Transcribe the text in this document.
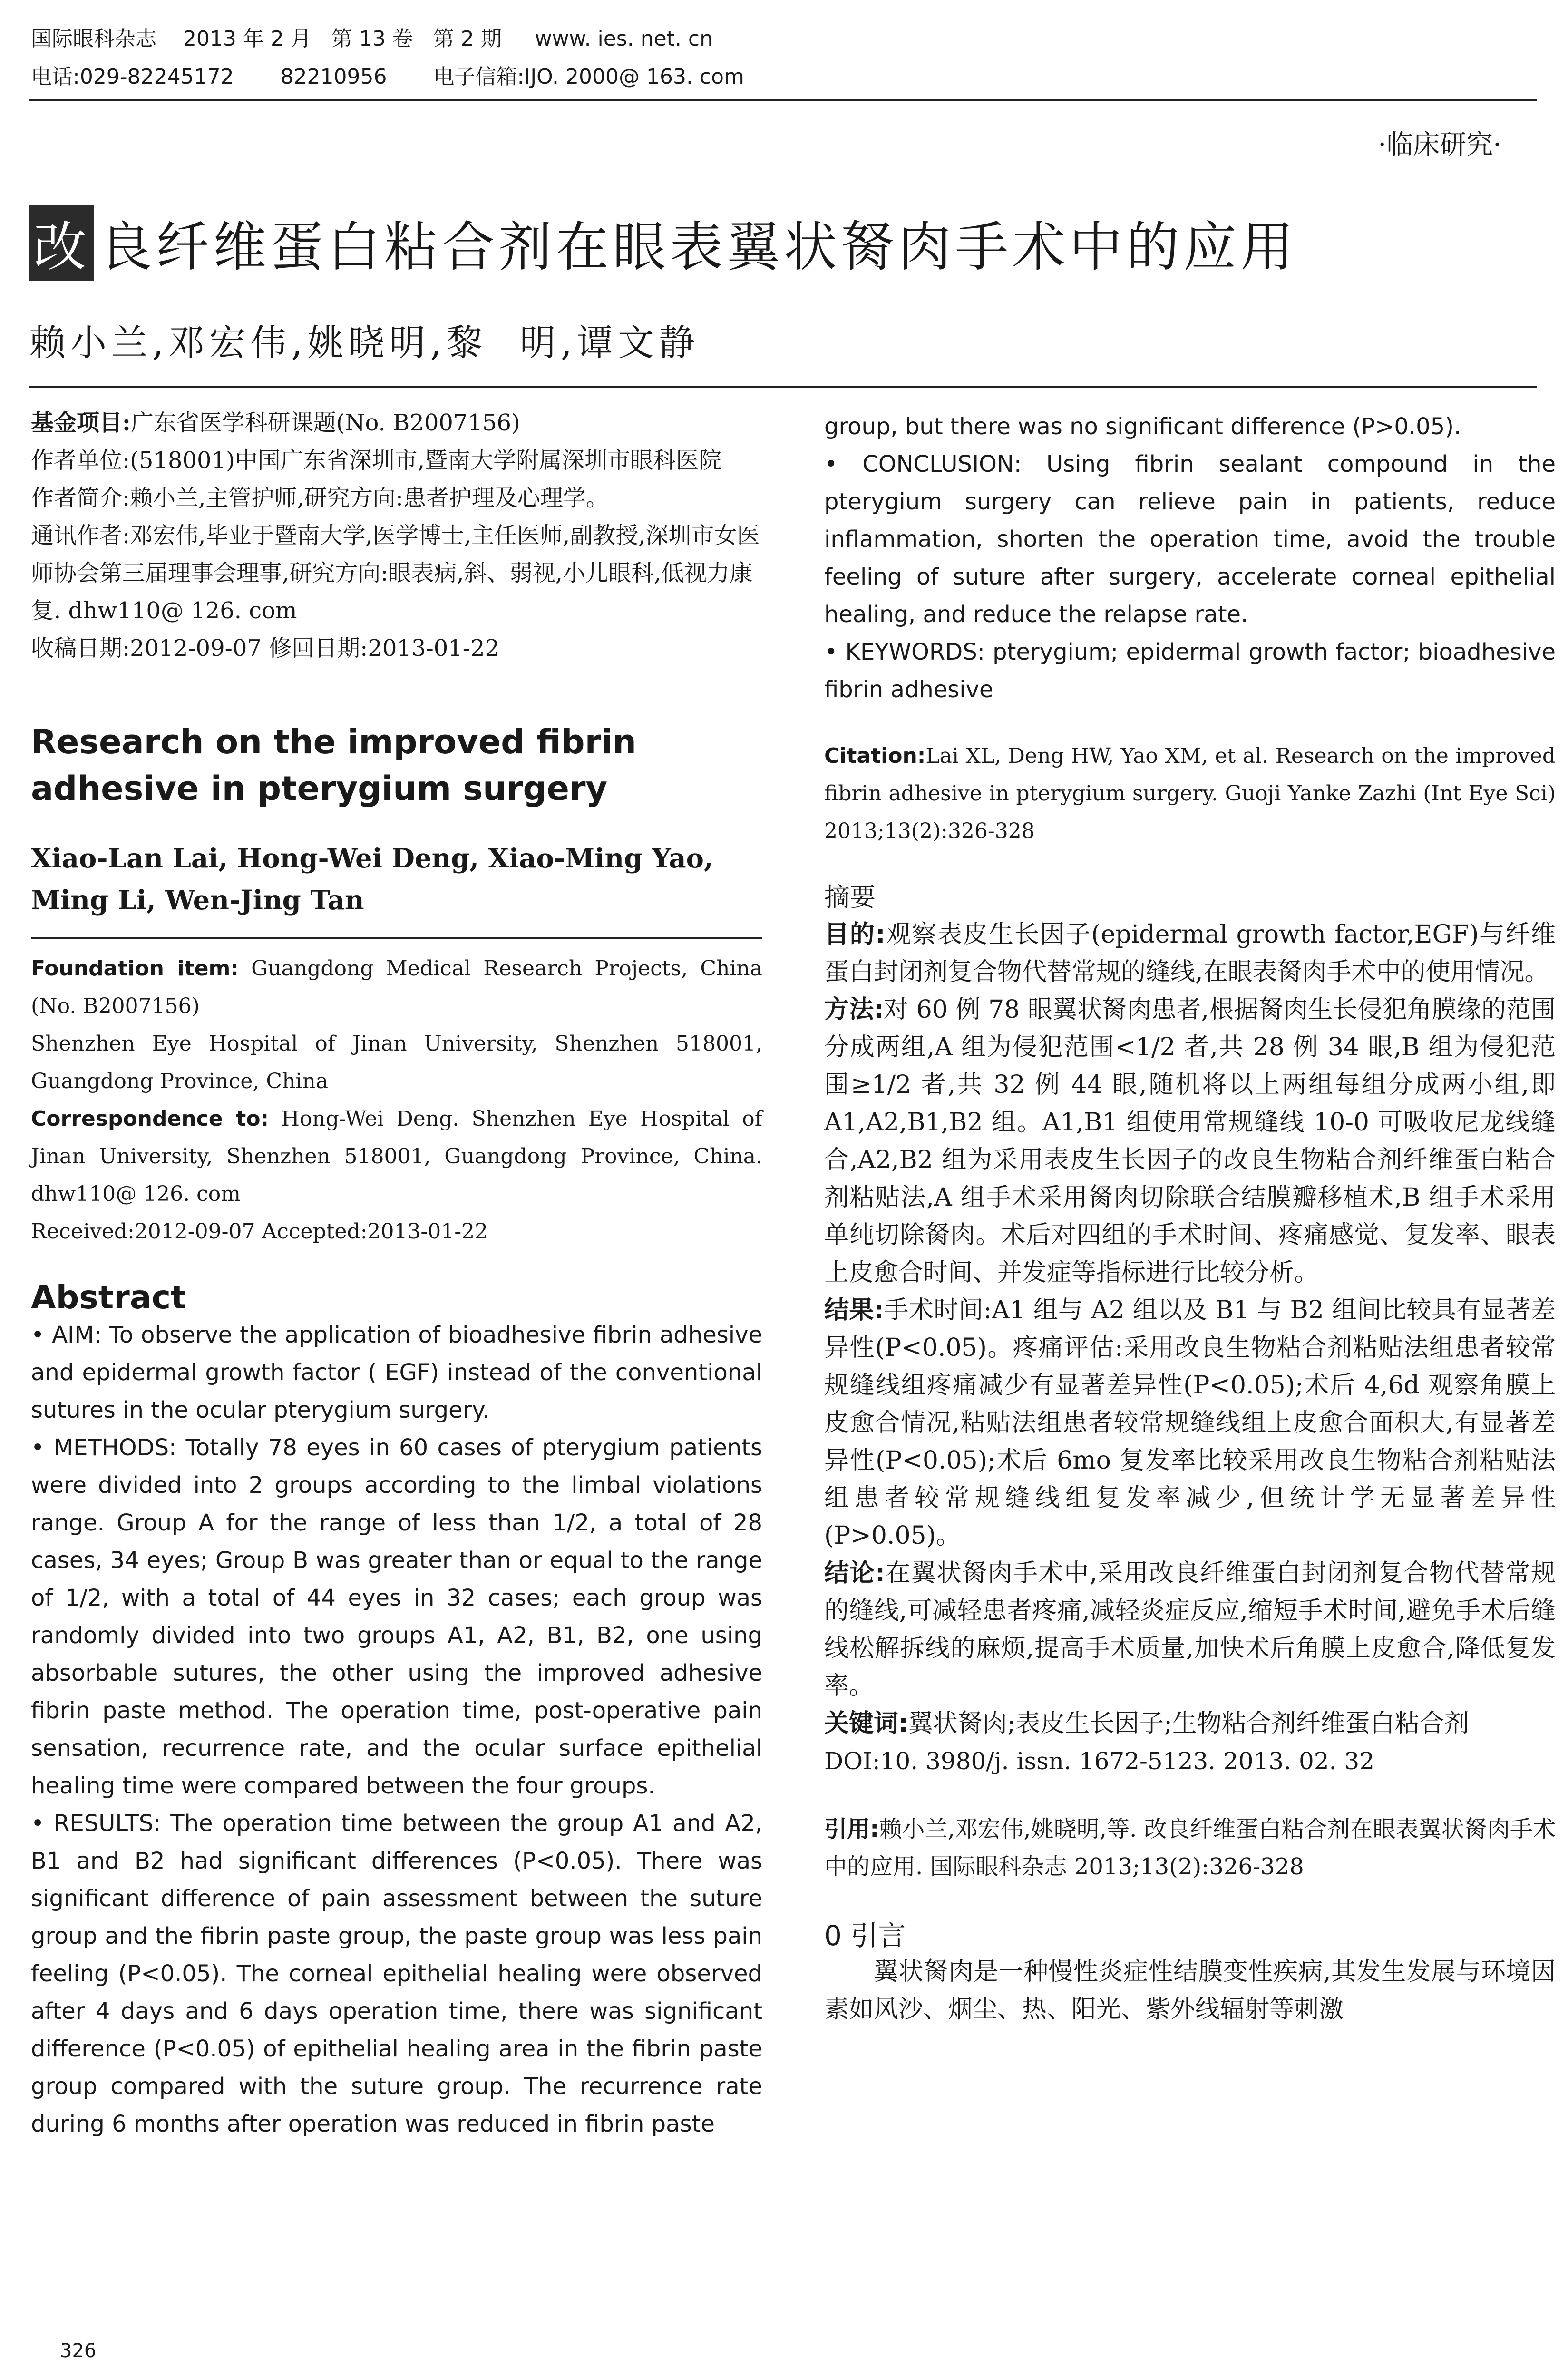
国际眼科杂志    2013 年 2 月   第 13 卷   第 2 期     www. ies. net. cn
电话:029-82245172       82210956       电子信箱:IJO. 2000@ 163. com
·临床研究·
改 良纤维蛋白粘合剂在眼表翼状胬肉手术中的应用
赖小兰,邓宏伟,姚晓明,黎  明,谭文静
基金项目:广东省医学科研课题(No. B2007156)
作者单位:(518001)中国广东省深圳市,暨南大学附属深圳市眼科医院
作者简介:赖小兰,主管护师,研究方向:患者护理及心理学。
通讯作者:邓宏伟,毕业于暨南大学,医学博士,主任医师,副教授,深圳市女医师协会第三届理事会理事,研究方向:眼表病,斜、弱视,小儿眼科,低视力康复. dhw110@ 126. com
收稿日期:2012-09-07 修回日期:2013-01-22
Research on the improved fibrin adhesive in pterygium surgery
Xiao-Lan Lai, Hong-Wei Deng, Xiao-Ming Yao, Ming Li, Wen-Jing Tan
Foundation item: Guangdong Medical Research Projects, China (No. B2007156)
Shenzhen Eye Hospital of Jinan University, Shenzhen 518001, Guangdong Province, China
Correspondence to: Hong-Wei Deng. Shenzhen Eye Hospital of Jinan University, Shenzhen 518001, Guangdong Province, China. dhw110@ 126. com
Received:2012-09-07 Accepted:2013-01-22
Abstract

• AIM: To observe the application of bioadhesive fibrin adhesive and epidermal growth factor ( EGF) instead of the conventional sutures in the ocular pterygium surgery.

• METHODS: Totally 78 eyes in 60 cases of pterygium patients were divided into 2 groups according to the limbal violations range. Group A for the range of less than 1/2, a total of 28 cases, 34 eyes; Group B was greater than or equal to the range of 1/2, with a total of 44 eyes in 32 cases; each group was randomly divided into two groups A1, A2, B1, B2, one using absorbable sutures, the other using the improved adhesive fibrin paste method. The operation time, post-operative pain sensation, recurrence rate, and the ocular surface epithelial healing time were compared between the four groups.

• RESULTS: The operation time between the group A1 and A2, B1 and B2 had significant differences (P<0.05). There was significant difference of pain assessment between the suture group and the fibrin paste group, the paste group was less pain feeling (P<0.05). The corneal epithelial healing were observed after 4 days and 6 days operation time, there was significant difference (P<0.05) of epithelial healing area in the fibrin paste group compared with the suture group. The recurrence rate during 6 months after operation was reduced in fibrin paste

group, but there was no significant difference (P>0.05).

• CONCLUSION: Using fibrin sealant compound in the pterygium surgery can relieve pain in patients, reduce inflammation, shorten the operation time, avoid the trouble feeling of suture after surgery, accelerate corneal epithelial healing, and reduce the relapse rate.

• KEYWORDS: pterygium; epidermal growth factor; bioadhesive fibrin adhesive

Citation:Lai XL, Deng HW, Yao XM, et al. Research on the improved fibrin adhesive in pterygium surgery. Guoji Yanke Zazhi (Int Eye Sci) 2013;13(2):326-328
摘要

目的:观察表皮生长因子(epidermal growth factor,EGF)与纤维蛋白封闭剂复合物代替常规的缝线,在眼表胬肉手术中的使用情况。

方法:对 60 例 78 眼翼状胬肉患者,根据胬肉生长侵犯角膜缘的范围分成两组,A 组为侵犯范围<1/2 者,共 28 例 34 眼,B 组为侵犯范围≥1/2 者,共 32 例 44 眼,随机将以上两组每组分成两小组,即 A1,A2,B1,B2 组。A1,B1 组使用常规缝线 10-0 可吸收尼龙线缝合,A2,B2 组为采用表皮生长因子的改良生物粘合剂纤维蛋白粘合剂粘贴法,A 组手术采用胬肉切除联合结膜瓣移植术,B 组手术采用单纯切除胬肉。术后对四组的手术时间、疼痛感觉、复发率、眼表上皮愈合时间、并发症等指标进行比较分析。

结果:手术时间:A1 组与 A2 组以及 B1 与 B2 组间比较具有显著差异性(P<0.05)。疼痛评估:采用改良生物粘合剂粘贴法组患者较常规缝线组疼痛减少有显著差异性(P<0.05);术后 4,6d 观察角膜上皮愈合情况,粘贴法组患者较常规缝线组上皮愈合面积大,有显著差异性(P<0.05);术后 6mo 复发率比较采用改良生物粘合剂粘贴法组患者较常规缝线组复发率减少,但统计学无显著差异性(P>0.05)。

结论:在翼状胬肉手术中,采用改良纤维蛋白封闭剂复合物代替常规的缝线,可减轻患者疼痛,减轻炎症反应,缩短手术时间,避免手术后缝线松解拆线的麻烦,提高手术质量,加快术后角膜上皮愈合,降低复发率。

关键词:翼状胬肉;表皮生长因子;生物粘合剂纤维蛋白粘合剂

DOI:10. 3980/j. issn. 1672-5123. 2013. 02. 32

引用:赖小兰,邓宏伟,姚晓明,等. 改良纤维蛋白粘合剂在眼表翼状胬肉手术中的应用. 国际眼科杂志 2013;13(2):326-328
0 引言
翼状胬肉是一种慢性炎症性结膜变性疾病,其发生发展与环境因素如风沙、烟尘、热、阳光、紫外线辐射等刺激
326
